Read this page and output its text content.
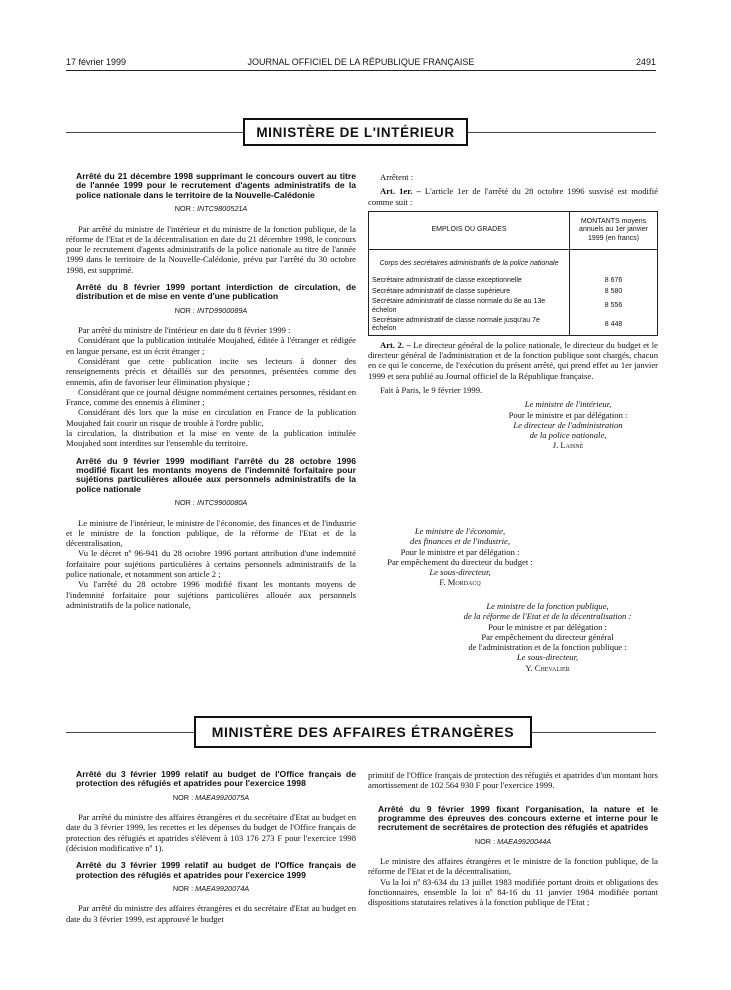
17 février 1999	JOURNAL OFFICIEL DE LA RÉPUBLIQUE FRANÇAISE	2491
MINISTÈRE DE L'INTÉRIEUR

Arrêté du 21 décembre 1998 supprimant le concours ouvert au titre de l'année 1999 pour le recrutement d'agents administratifs de la police nationale dans le territoire de la Nouvelle-Calédonie

NOR : INTC9800521A

Par arrêté du ministre de l'intérieur et du ministre de la fonction publique, de la réforme de l'Etat et de la décentralisation en date du 21 décembre 1998, le concours pour le recrutement d'agents administratifs de la police nationale au titre de l'année 1999 dans le territoire de la Nouvelle-Calédonie, prévu par l'arrêté du 30 octobre 1998, est supprimé.

Arrêté du 8 février 1999 portant interdiction de circulation, de distribution et de mise en vente d'une publication

NOR : INTD9900089A

Par arrêté du ministre de l'intérieur en date du 8 février 1999 :

Considérant que la publication intitulée Moujahed, éditée à l'étranger et rédigée en langue persane, est un écrit étranger ;

Considérant que cette publication incite ses lecteurs à donner des renseignements précis et détaillés sur des personnes, présentées comme des ennemis, afin de favoriser leur élimination physique ;

Considérant que ce journal désigne nommément certaines personnes, résidant en France, comme des ennemis à éliminer ;

Considérant dès lors que la mise en circulation en France de la publication Moujahed fait courir un risque de trouble à l'ordre public,

la circulation, la distribution et la mise en vente de la publication intitulée Moujahed sont interdites sur l'ensemble du territoire.

Arrêté du 9 février 1999 modifiant l'arrêté du 28 octobre 1996 modifié fixant les montants moyens de l'indemnité forfaitaire pour sujétions particulières allouée aux personnels administratifs de la police nationale

NOR : INTC9900080A

Le ministre de l'intérieur, le ministre de l'économie, des finances et de l'industrie et le ministre de la fonction publique, de la réforme de l'Etat et de la décentralisation,

Vu le décret nº 96-941 du 28 octobre 1996 portant attribution d'une indemnité forfaitaire pour sujétions particulières à certains personnels administratifs de la police nationale, et notamment son article 2 ;

Vu l'arrêté du 28 octobre 1996 modifié fixant les montants moyens de l'indemnité forfaitaire pour sujétions particulières allouée aux personnels administratifs de la police nationale,

Arrêtent :

Art. 1er. – L'article 1er de l'arrêté du 28 octobre 1996 susvisé est modifié comme suit :

EMPLOIS OU GRADES	MONTANTS moyens annuels au 1er janvier 1999 (en francs)
Corps des secrétaires administratifs de la police nationale	
Secrétaire administratif de classe exceptionnelle	8 676
Secrétaire administratif de classe supérieure	8 580
Secrétaire administratif de classe normale du 8e au 13e échelon	8 556
Secrétaire administratif de classe normale jusqu'au 7e échelon	8 448

Art. 2. – Le directeur général de la police nationale, le directeur du budget et le directeur général de l'administration et de la fonction publique sont chargés, chacun en ce qui le concerne, de l'exécution du présent arrêté, qui prend effet au 1er janvier 1999 et sera publié au Journal officiel de la République française.

Fait à Paris, le 9 février 1999.

Le ministre de l'intérieur,

Pour le ministre et par délégation :

Le directeur de l'administration

de la police nationale,

J. Laisné

Le ministre de l'économie,

des finances et de l'industrie,

Pour le ministre et par délégation :

Par empêchement du directeur du budget :

Le sous-directeur,

F. Mordacq

Le ministre de la fonction publique,

de la réforme de l'Etat et de la décentralisation :

Pour le ministre et par délégation :

Par empêchement du directeur général

de l'administration et de la fonction publique :

Le sous-directeur,

Y. Chevalier

MINISTÈRE DES AFFAIRES ÉTRANGÈRES

Arrêté du 3 février 1999 relatif au budget de l'Office français de protection des réfugiés et apatrides pour l'exercice 1998

NOR : MAEA9920075A

Par arrêté du ministre des affaires étrangères et du secrétaire d'Etat au budget en date du 3 février 1999, les recettes et les dépenses du budget de l'Office français de protection des réfugiés et apatrides s'élèvent à 103 176 273 F pour l'exercice 1998 (décision modificative nº 1).

Arrêté du 3 février 1999 relatif au budget de l'Office français de protection des réfugiés et apatrides pour l'exercice 1999

NOR : MAEA9920074A

Par arrêté du ministre des affaires étrangères et du secrétaire d'Etat au budget en date du 3 février 1999, est approuvé le budget

primitif de l'Office français de protection des réfugiés et apatrides d'un montant hors amortissement de 102 564 930 F pour l'exercice 1999.

Arrêté du 9 février 1999 fixant l'organisation, la nature et le programme des épreuves des concours externe et interne pour le recrutement de secrétaires de protection des réfugiés et apatrides

NOR : MAEA9920044A

Le ministre des affaires étrangères et le ministre de la fonction publique, de la réforme de l'Etat et de la décentralisation,

Vu la loi nº 83-634 du 13 juillet 1983 modifiée portant droits et obligations des fonctionnaires, ensemble la loi nº 84-16 du 11 janvier 1984 modifiée portant dispositions statutaires relatives à la fonction publique de l'Etat ;
